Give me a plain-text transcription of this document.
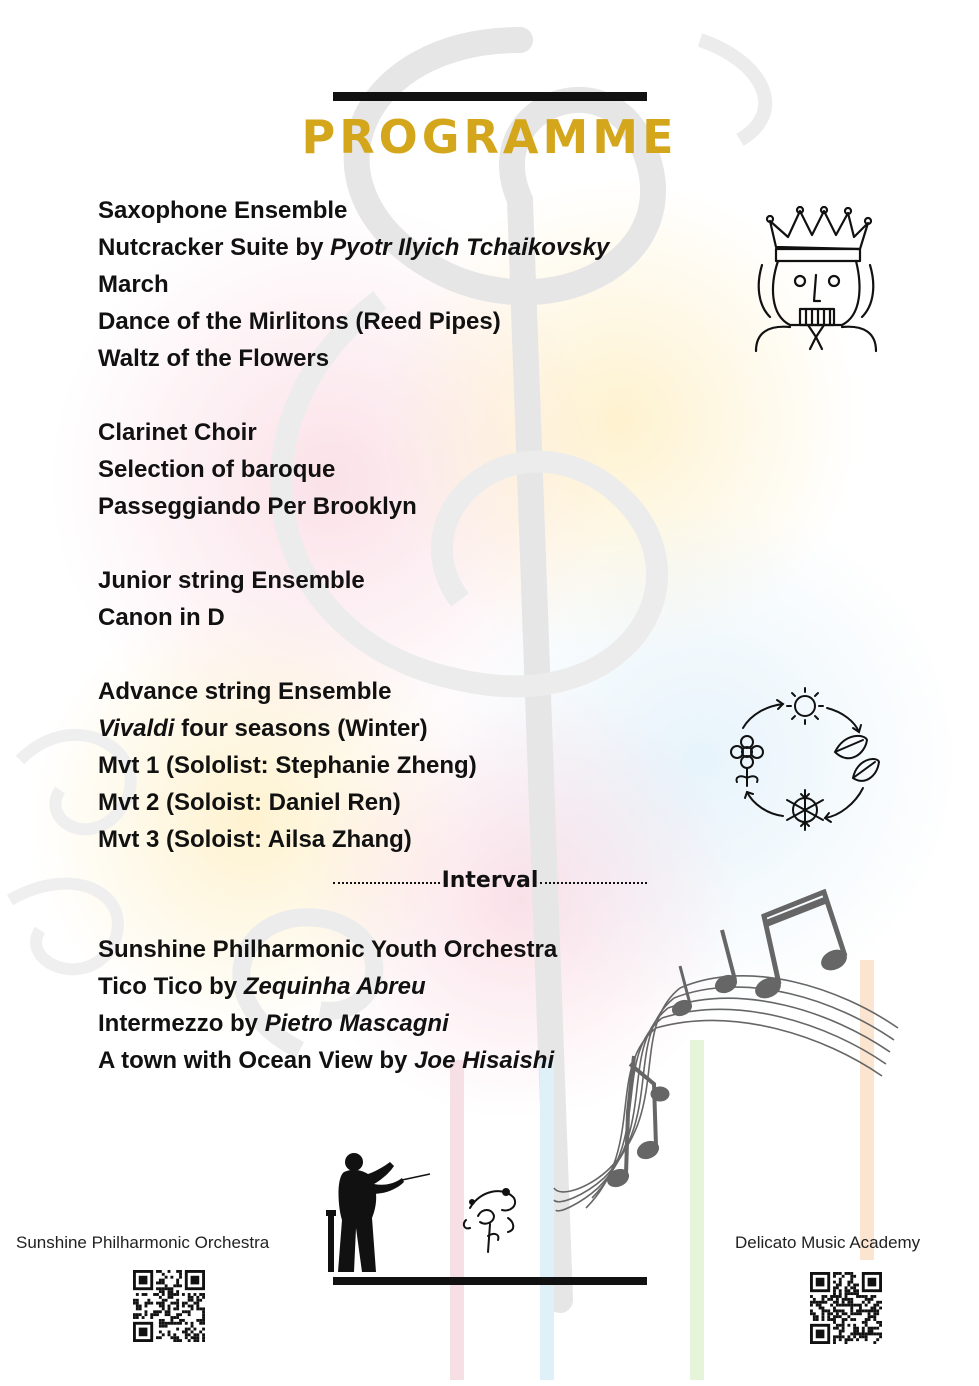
PROGRAMME
Saxophone Ensemble
Nutcracker Suite by Pyotr Ilyich Tchaikovsky
March
Dance of the Mirlitons (Reed Pipes)
Waltz of the Flowers
Clarinet Choir
Selection of baroque
Passeggiando Per Brooklyn
Junior string Ensemble
Canon in D
Advance string Ensemble
Vivaldi four seasons (Winter)
Mvt 1 (Sololist: Stephanie Zheng)
Mvt 2 (Soloist: Daniel Ren)
Mvt 3 (Soloist: Ailsa Zhang)
Interval
Sunshine Philharmonic Youth Orchestra
Tico Tico by Zequinha Abreu
Intermezzo by Pietro Mascagni
A town with Ocean View by Joe Hisaishi
Sunshine Philharmonic Orchestra	Delicato Music Academy
